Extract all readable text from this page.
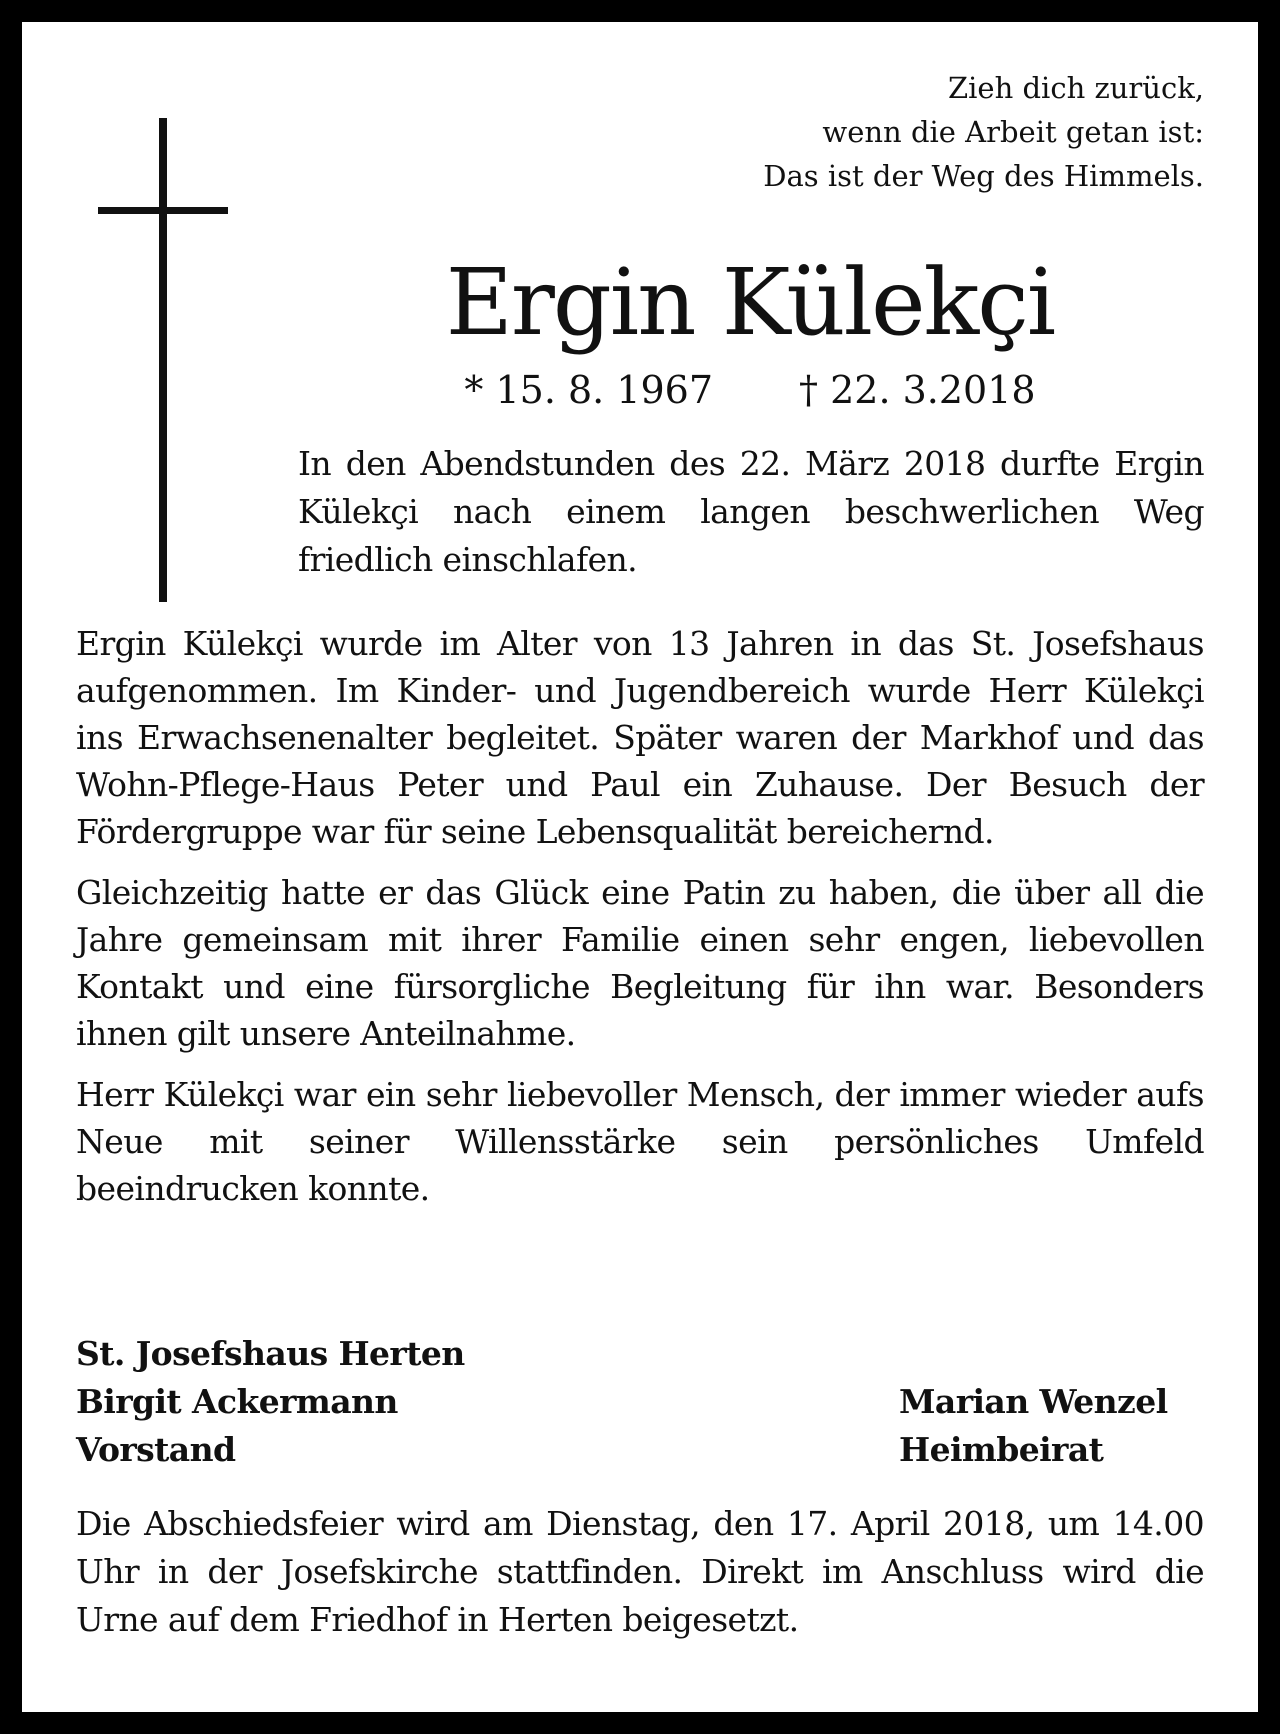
Zieh dich zurück,
wenn die Arbeit getan ist:
Das ist der Weg des Himmels.
Ergin Külekçi
* 15. 8. 1967 † 22. 3.2018
In den Abendstunden des 22. März 2018 durfte Ergin Külekçi nach einem langen beschwerlichen Weg friedlich einschlafen.

Ergin Külekçi wurde im Alter von 13 Jahren in das St. Josefshaus aufgenommen. Im Kinder- und Jugendbereich wurde Herr Külekçi ins Erwachsenenalter begleitet. Später waren der Markhof und das Wohn-Pflege-Haus Peter und Paul ein Zuhause. Der Besuch der Fördergruppe war für seine Lebensqualität bereichernd.

Gleichzeitig hatte er das Glück eine Patin zu haben, die über all die Jahre gemeinsam mit ihrer Familie einen sehr engen, liebevollen Kontakt und eine fürsorgliche Begleitung für ihn war. Besonders ihnen gilt unsere Anteilnahme.

Herr Külekçi war ein sehr liebevoller Mensch, der immer wieder aufs Neue mit seiner Willensstärke sein persönliches Umfeld beeindrucken konnte.

St. Josefshaus Herten
Birgit Ackermann	Marian Wenzel
Vorstand	Heimbeirat
Die Abschiedsfeier wird am Dienstag, den 17. April 2018, um 14.00 Uhr in der Josefskirche stattfinden. Direkt im Anschluss wird die Urne auf dem Friedhof in Herten beigesetzt.
